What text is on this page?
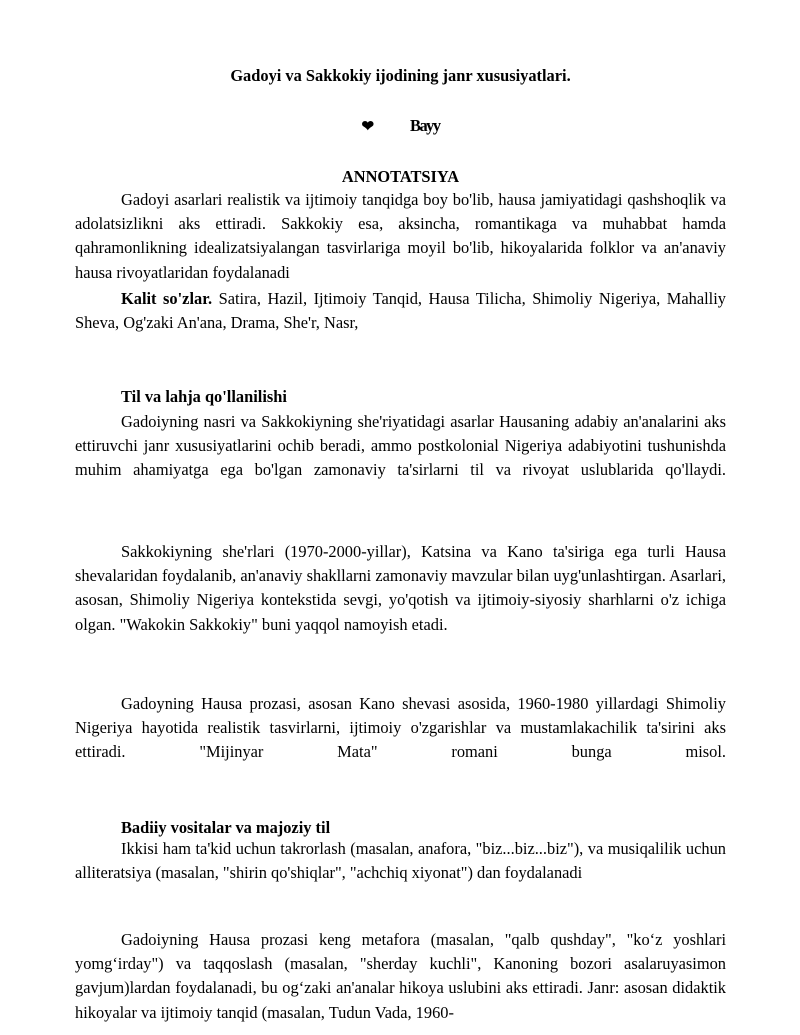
Gadoyi va Sakkokiy ijodining janr xususiyatlari.
❤ Bayy
ANNOTATSIYA

Gadoyi asarlari realistik va ijtimoiy tanqidga boy bo'lib, hausa jamiyatidagi qashshoqlik va adolatsizlikni aks ettiradi. Sakkokiy esa, aksincha, romantikaga va muhabbat hamda qahramonlikning idealizatsiyalangan tasvirlariga moyil bo'lib, hikoyalarida folklor va an'anaviy hausa rivoyatlaridan foydalanadi

Kalit so'zlar. Satira, Hazil, Ijtimoiy Tanqid, Hausa Tilicha, Shimoliy Nigeriya, Mahalliy Sheva, Og'zaki An'ana, Drama, She'r, Nasr,

Til va lahja qo'llanilishi

Gadoiyning nasri va Sakkokiyning she'riyatidagi asarlar Hausaning adabiy an'analarini aks ettiruvchi janr xususiyatlarini ochib beradi, ammo postkolonial Nigeriya adabiyotini tushunishda muhim ahamiyatga ega bo'lgan zamonaviy ta'sirlarni til va rivoyat uslublarida qo'llaydi.

Sakkokiyning she'rlari (1970-2000-yillar), Katsina va Kano ta'siriga ega turli Hausa shevalaridan foydalanib, an'anaviy shakllarni zamonaviy mavzular bilan uyg'unlashtirgan. Asarlari, asosan, Shimoliy Nigeriya kontekstida sevgi, yo'qotish va ijtimoiy-siyosiy sharhlarni o'z ichiga olgan. "Wakokin Sakkokiy" buni yaqqol namoyish etadi.

Gadoyning Hausa prozasi, asosan Kano shevasi asosida, 1960-1980 yillardagi Shimoliy Nigeriya hayotida realistik tasvirlarni, ijtimoiy o'zgarishlar va mustamlakachilik ta'sirini aks ettiradi. "Mijinyar Mata" romani bunga misol.

Badiiy vositalar va majoziy til

Ikkisi ham ta'kid uchun takrorlash (masalan, anafora, "biz...biz...biz"), va musiqalilik uchun alliteratsiya (masalan, "shirin qo'shiqlar", "achchiq xiyonat") dan foydalanadi

Gadoiyning Hausa prozasi keng metafora (masalan, "qalb qushday", "ko‘z yoshlari yomg‘irday") va taqqoslash (masalan, "sherday kuchli", Kanoning bozori asalaruyasimon gavjum)lardan foydalanadi, bu og‘zaki an'analar hikoya uslubini aks ettiradi. Janr: asosan didaktik hikoyalar va ijtimoiy tanqid (masalan, Tudun Vada, 1960-
